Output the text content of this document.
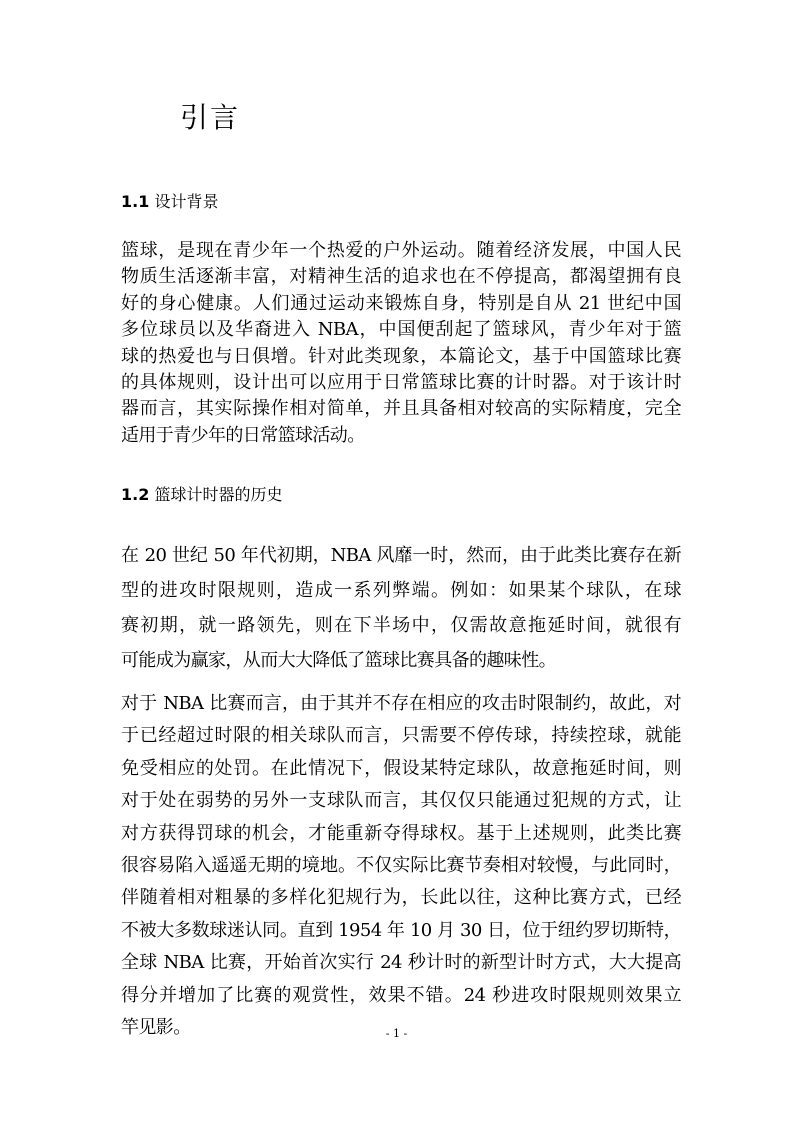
引言
1.1 设计背景
篮球，是现在青少年一个热爱的户外运动。随着经济发展，中国人民
物质生活逐渐丰富，对精神生活的追求也在不停提高，都渴望拥有良
好的身心健康。人们通过运动来锻炼自身，特别是自从 21 世纪中国
多位球员以及华裔进入 NBA，中国便刮起了篮球风，青少年对于篮
球的热爱也与日俱增。针对此类现象，本篇论文，基于中国篮球比赛
的具体规则，设计出可以应用于日常篮球比赛的计时器。对于该计时
器而言，其实际操作相对简单，并且具备相对较高的实际精度，完全
适用于青少年的日常篮球活动。
1.2 篮球计时器的历史
在 20 世纪 50 年代初期，NBA 风靡一时，然而，由于此类比赛存在新
型的进攻时限规则，造成一系列弊端。例如：如果某个球队，在球
赛初期，就一路领先，则在下半场中，仅需故意拖延时间，就很有
可能成为赢家，从而大大降低了篮球比赛具备的趣味性。
对于 NBA 比赛而言，由于其并不存在相应的攻击时限制约，故此，对
于已经超过时限的相关球队而言，只需要不停传球，持续控球，就能
免受相应的处罚。在此情况下，假设某特定球队，故意拖延时间，则
对于处在弱势的另外一支球队而言，其仅仅只能通过犯规的方式，让
对方获得罚球的机会，才能重新夺得球权。基于上述规则，此类比赛
很容易陷入遥遥无期的境地。不仅实际比赛节奏相对较慢，与此同时，
伴随着相对粗暴的多样化犯规行为，长此以往，这种比赛方式，已经
不被大多数球迷认同。直到 1954 年 10 月 30 日，位于纽约罗切斯特，
全球 NBA 比赛，开始首次实行 24 秒计时的新型计时方式，大大提高
得分并增加了比赛的观赏性，效果不错。24 秒进攻时限规则效果立
竿见影。	- 1 -
